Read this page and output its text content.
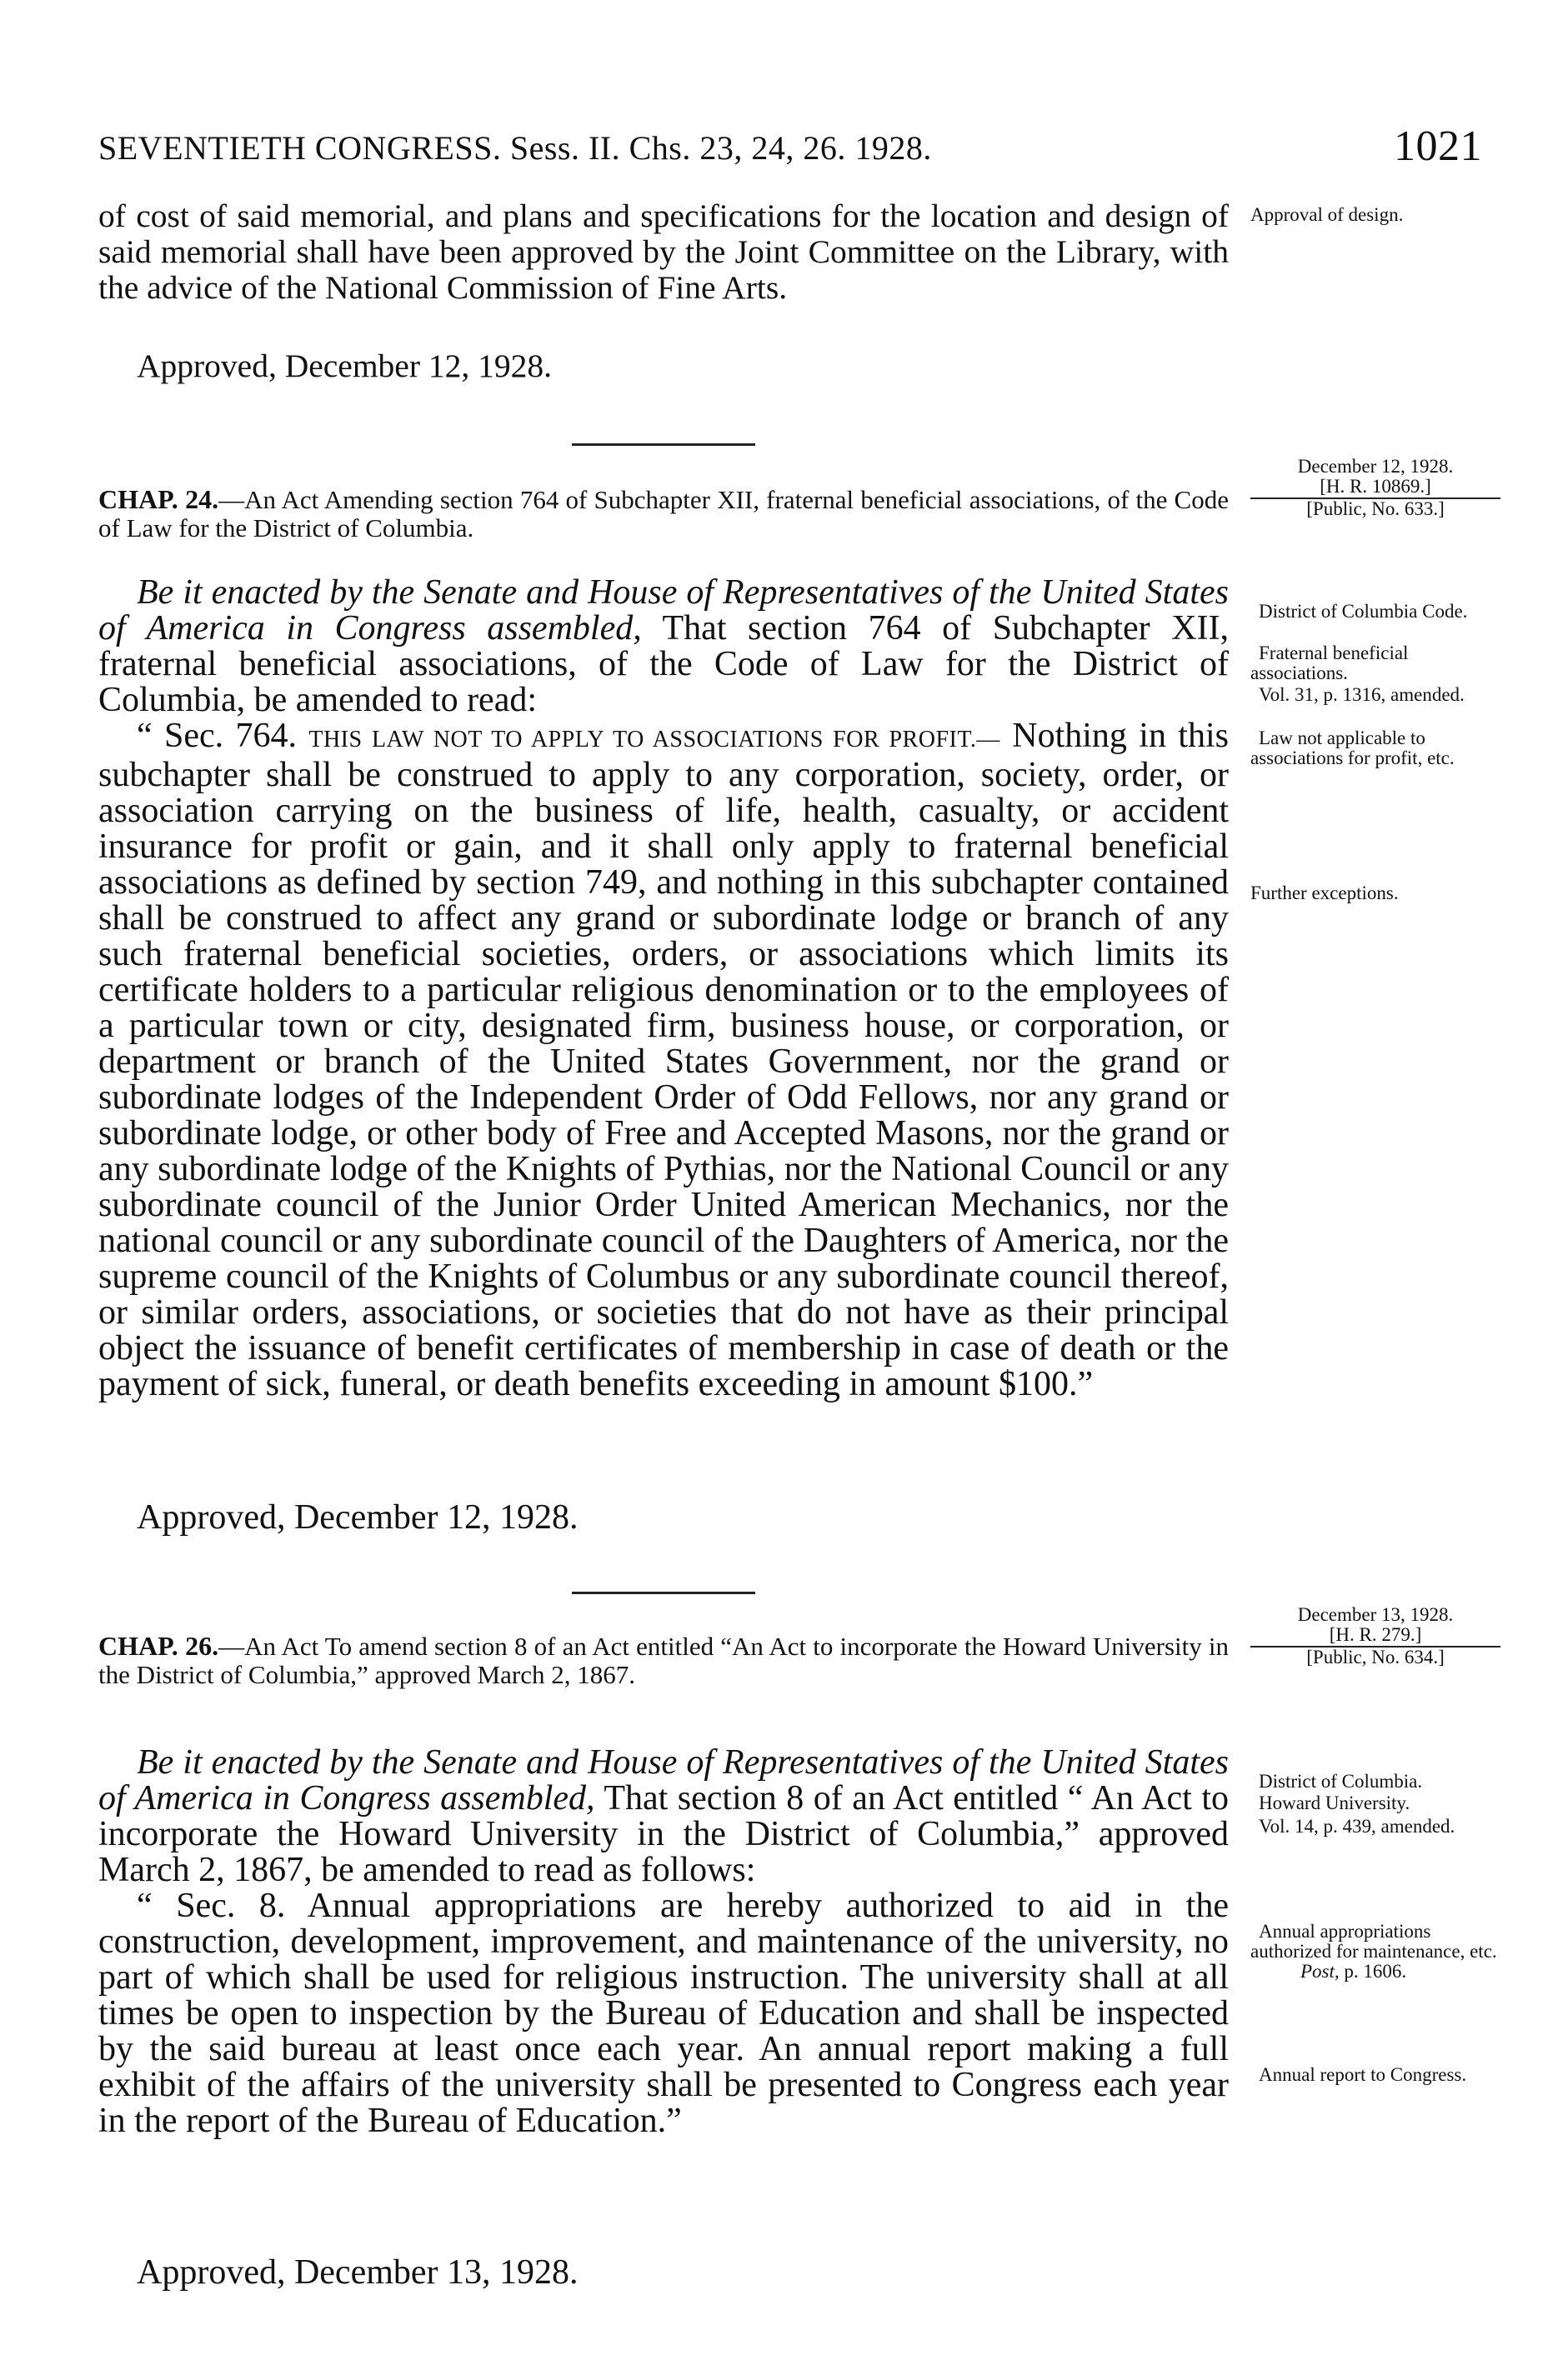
SEVENTIETH CONGRESS. Sess. II. Chs. 23, 24, 26. 1928.	1021

of cost of said memorial, and plans and specifications for the location and design of said memorial shall have been approved by the Joint Committee on the Library, with the advice of the National Commission of Fine Arts.

Approved, December 12, 1928.

Approval of design.

CHAP. 24.—An Act Amending section 764 of Subchapter XII, fraternal beneficial associations, of the Code of Law for the District of Columbia.

December 12, 1928.

[H. R. 10869.]

[Public, No. 633.]

Be it enacted by the Senate and House of Representatives of the United States of America in Congress assembled, That section 764 of Subchapter XII, fraternal beneficial associations, of the Code of Law for the District of Columbia, be amended to read:

“ Sec. 764. THIS LAW NOT TO APPLY TO ASSOCIATIONS FOR PROFIT.— Nothing in this subchapter shall be construed to apply to any corporation, society, order, or association carrying on the business of life, health, casualty, or accident insurance for profit or gain, and it shall only apply to fraternal beneficial associations as defined by section 749, and nothing in this subchapter contained shall be construed to affect any grand or subordinate lodge or branch of any such fraternal beneficial societies, orders, or associations which limits its certificate holders to a particular religious denomination or to the employees of a particular town or city, designated firm, business house, or corporation, or department or branch of the United States Government, nor the grand or subordinate lodges of the Independent Order of Odd Fellows, nor any grand or subordinate lodge, or other body of Free and Accepted Masons, nor the grand or any subordinate lodge of the Knights of Pythias, nor the National Council or any subordinate council of the Junior Order United American Mechanics, nor the national council or any subordinate council of the Daughters of America, nor the supreme council of the Knights of Columbus or any subordinate council thereof, or similar orders, associations, or societies that do not have as their principal object the issuance of benefit certificates of membership in case of death or the payment of sick, funeral, or death benefits exceeding in amount $100.”

Approved, December 12, 1928.

District of Columbia Code.

Fraternal beneficial associations.

Vol. 31, p. 1316, amended.

Law not applicable to associations for profit, etc.

Further exceptions.

CHAP. 26.—An Act To amend section 8 of an Act entitled “An Act to incorporate the Howard University in the District of Columbia,” approved March 2, 1867.

December 13, 1928.

[H. R. 279.]

[Public, No. 634.]

Be it enacted by the Senate and House of Representatives of the United States of America in Congress assembled, That section 8 of an Act entitled “ An Act to incorporate the Howard University in the District of Columbia,” approved March 2, 1867, be amended to read as follows:

“ Sec. 8. Annual appropriations are hereby authorized to aid in the construction, development, improvement, and maintenance of the university, no part of which shall be used for religious instruction. The university shall at all times be open to inspection by the Bureau of Education and shall be inspected by the said bureau at least once each year. An annual report making a full exhibit of the affairs of the university shall be presented to Congress each year in the report of the Bureau of Education.”

Approved, December 13, 1928.

District of Columbia.

Howard University.

Vol. 14, p. 439, amended.

Annual appropriations authorized for maintenance, etc.

Post, p. 1606.

Annual report to Congress.
